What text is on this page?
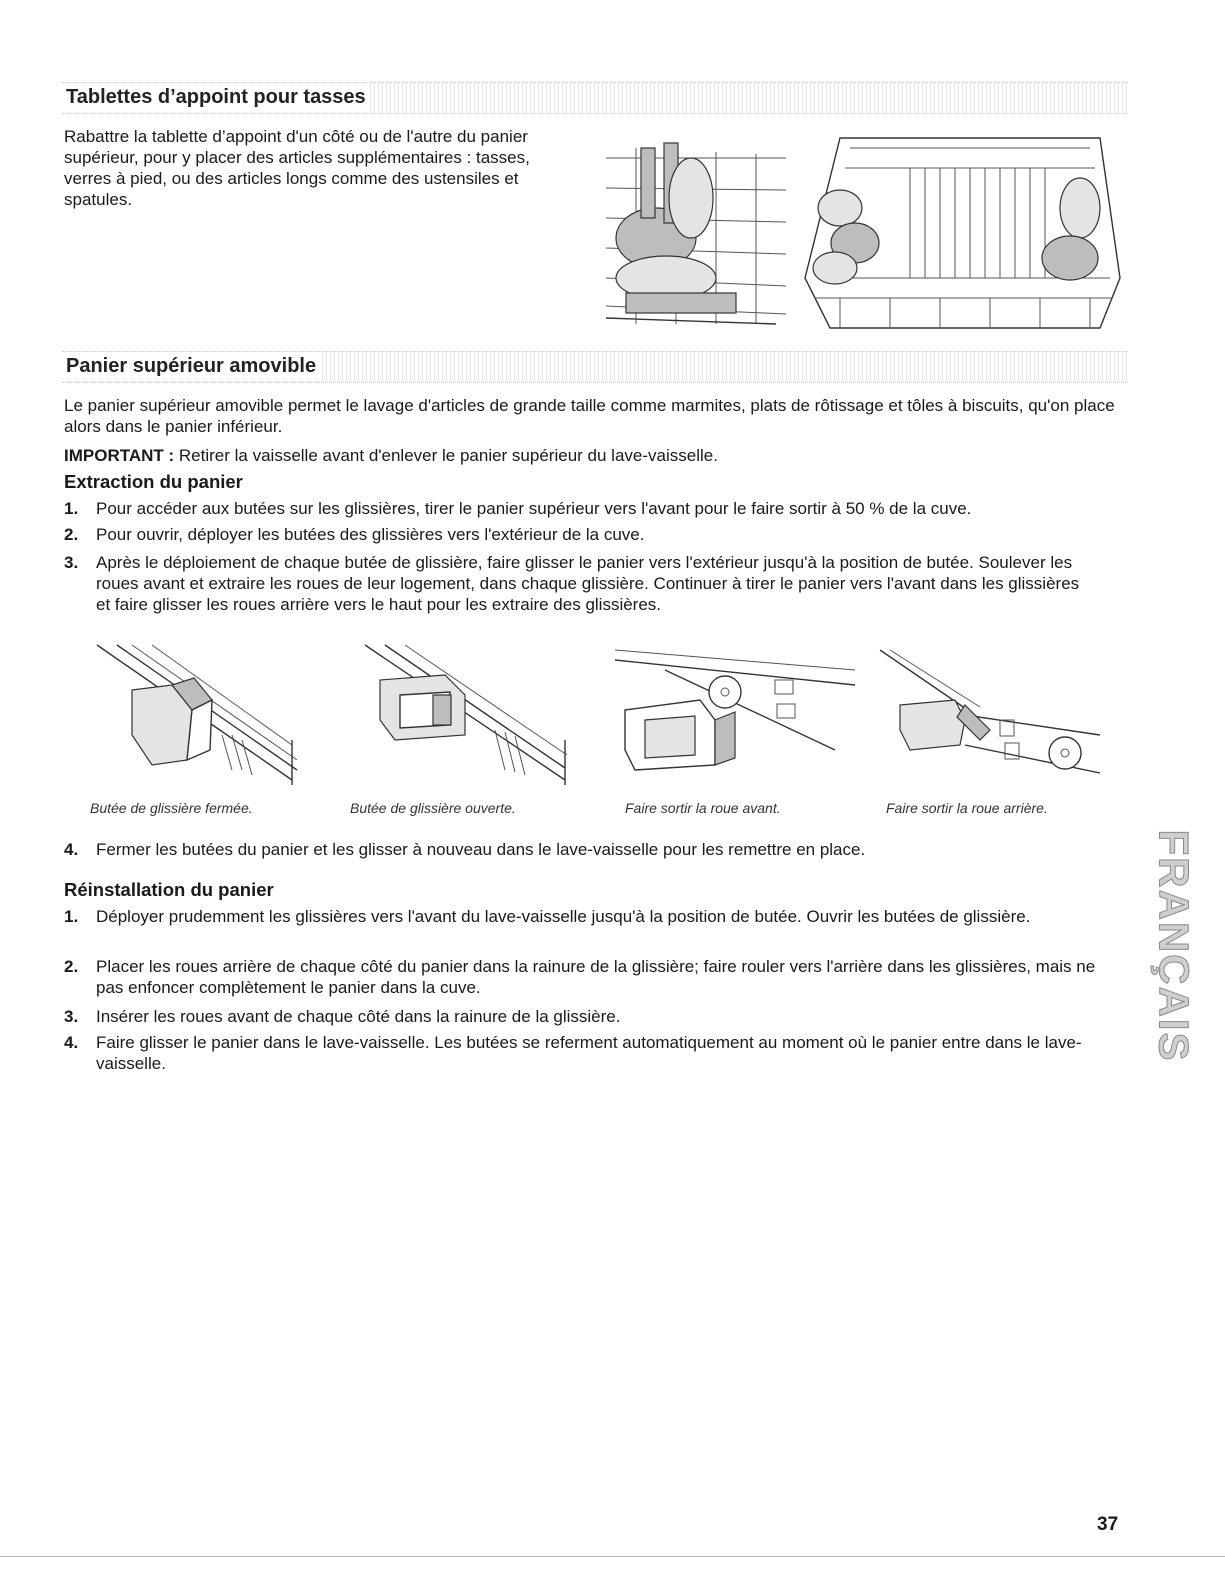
Tablettes d’appoint pour tasses

Rabattre la tablette d’appoint d'un côté ou de l'autre du panier supérieur, pour y placer des articles supplémentaires : tasses, verres à pied, ou des articles longs comme des ustensiles et spatules.

Panier supérieur amovible

Le panier supérieur amovible permet le lavage d'articles de grande taille comme marmites, plats de rôtissage et tôles à biscuits, qu'on place alors dans le panier inférieur.

IMPORTANT : Retirer la vaisselle avant d'enlever le panier supérieur du lave-vaisselle.

Extraction du panier
1. Pour accéder aux butées sur les glissières, tirer le panier supérieur vers l'avant pour le faire sortir à 50 % de la cuve.
2. Pour ouvrir, déployer les butées des glissières vers l'extérieur de la cuve.
3. Après le déploiement de chaque butée de glissière, faire glisser le panier vers l'extérieur jusqu'à la position de butée. Soulever les roues avant et extraire les roues de leur logement, dans chaque glissière. Continuer à tirer le panier vers l'avant dans les glissières et faire glisser les roues arrière vers le haut pour les extraire des glissières.
Butée de glissière fermée.	Butée de glissière ouverte.	Faire sortir la roue avant.	Faire sortir la roue arrière.
4. Fermer les butées du panier et les glisser à nouveau dans le lave-vaisselle pour les remettre en place.
Réinstallation du panier
1. Déployer prudemment les glissières vers l'avant du lave-vaisselle jusqu'à la position de butée. Ouvrir les butées de glissière.
2. Placer les roues arrière de chaque côté du panier dans la rainure de la glissière; faire rouler vers l'arrière dans les glissières, mais ne pas enfoncer complètement le panier dans la cuve.
3. Insérer les roues avant de chaque côté dans la rainure de la glissière.
4. Faire glisser le panier dans le lave-vaisselle. Les butées se referment automatiquement au moment où le panier entre dans le lave-vaisselle.
FRANÇAIS
37
